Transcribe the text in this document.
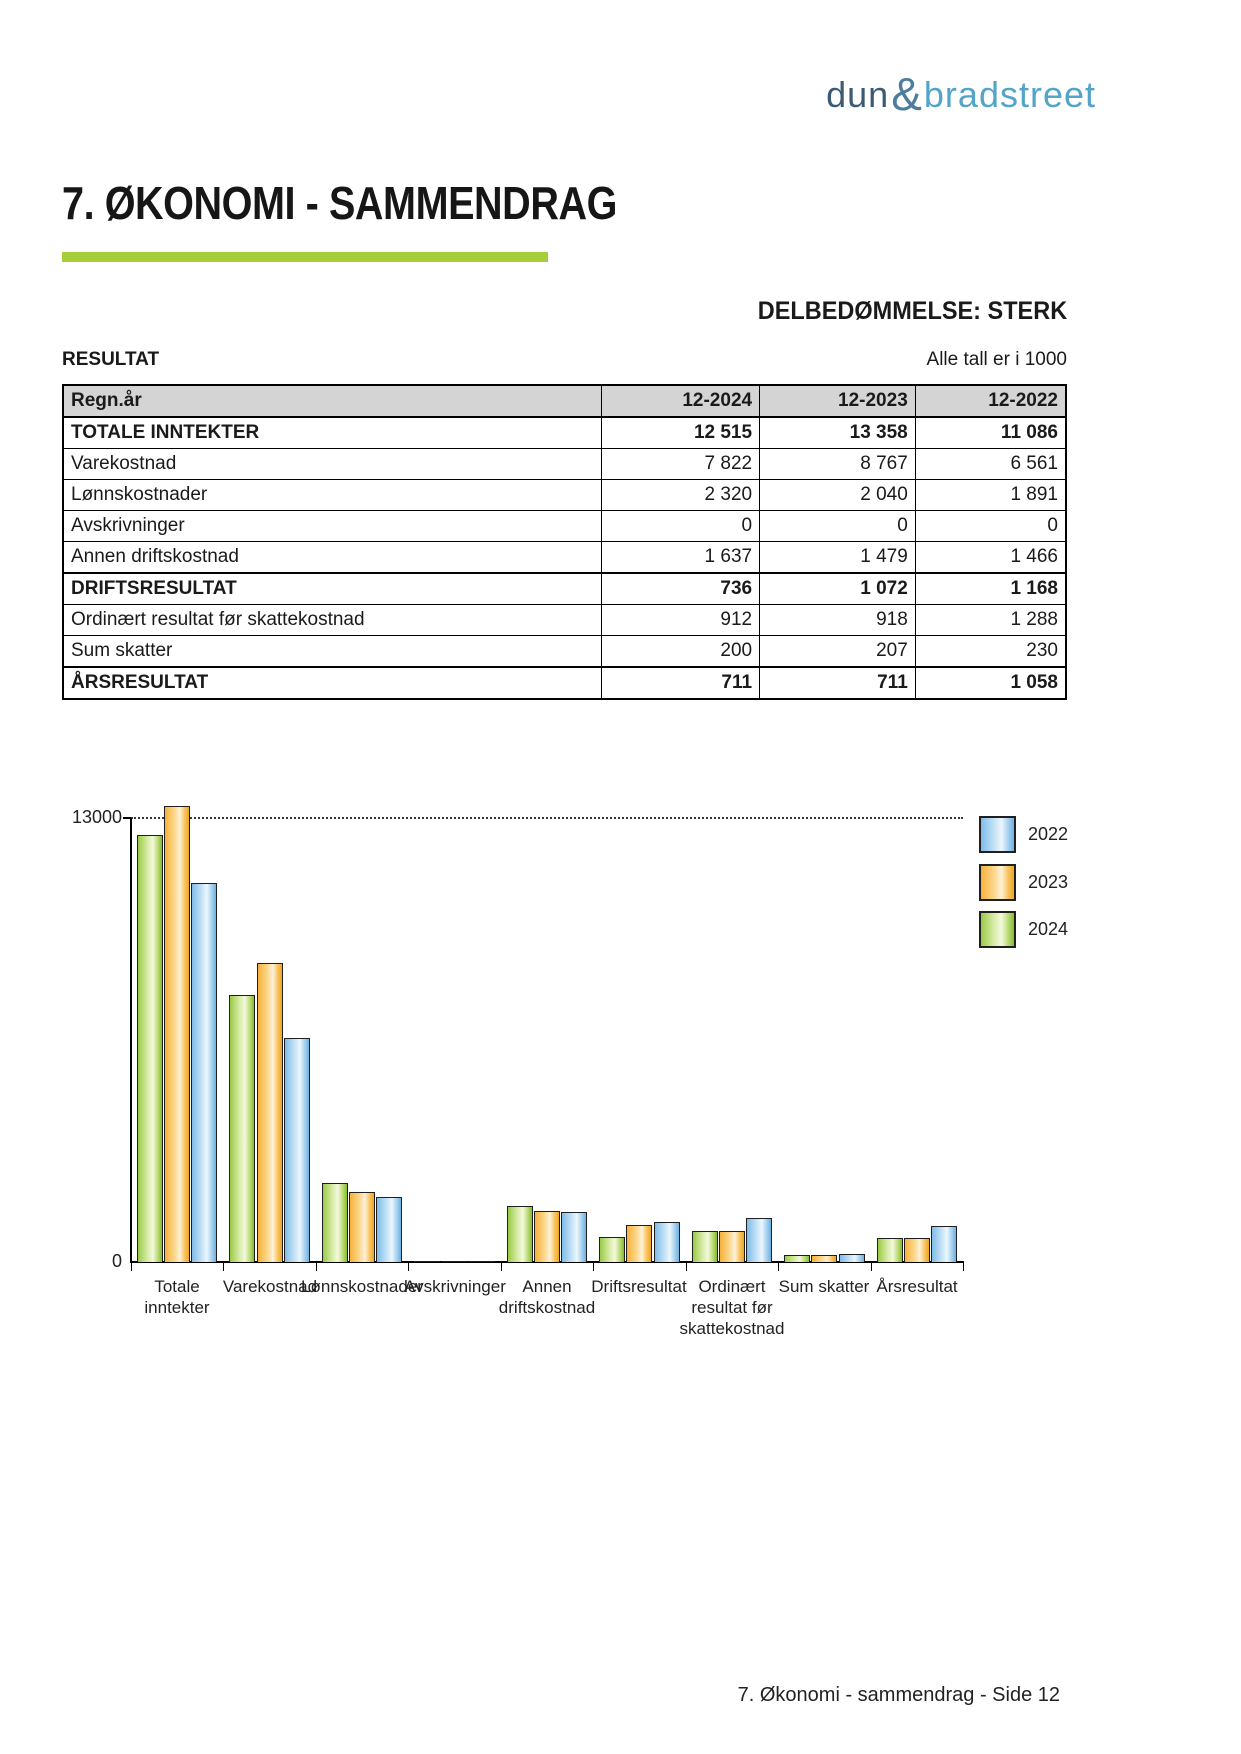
dun & bradstreet
7. ØKONOMI - SAMMENDRAG
DELBEDØMMELSE: STERK
RESULTAT	Alle tall er i 1000
Regn.år	12-2024	12-2023	12-2022
TOTALE INNTEKTER	12 515	13 358	11 086
Varekostnad	7 822	8 767	6 561
Lønnskostnader	2 320	2 040	1 891
Avskrivninger	0	0	0
Annen driftskostnad	1 637	1 479	1 466
DRIFTSRESULTAT	736	1 072	1 168
Ordinært resultat før skattekostnad	912	918	1 288
Sum skatter	200	207	230
ÅRSRESULTAT	711	711	1 058
13000
0
Totale
inntekter
Varekostnad
Lønnskostnader
Avskrivninger Annen
driftskostnad
Driftsresultat Ordinært
resultat før
skattekostnad
Sum skatter Årsresultat
2022
2023
2024
7. Økonomi - sammendrag - Side 12
